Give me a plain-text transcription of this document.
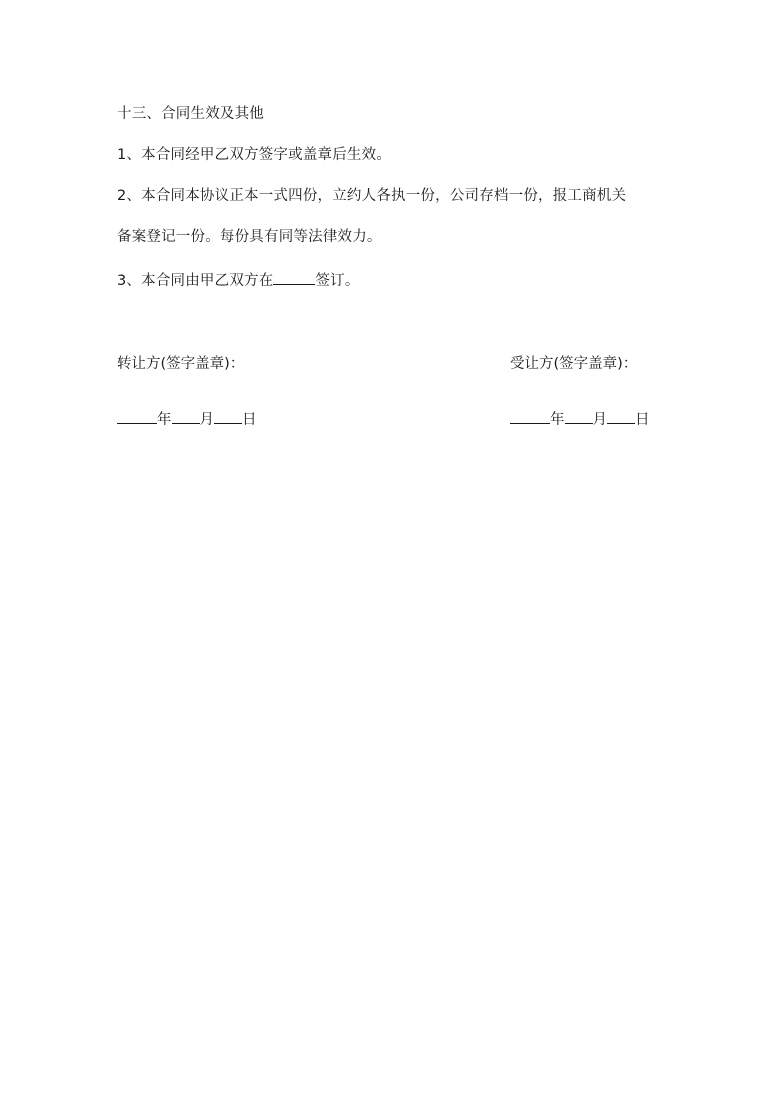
十三、合同生效及其他
1、本合同经甲乙双方签字或盖章后生效。
2、本合同本协议正本一式四份，立约人各执一份，公司存档一份，报工商机关
备案登记一份。每份具有同等法律效力。
3、本合同由甲乙双方在	签订。
转让方(签字盖章)：	受让方(签字盖章)：
年 月 日	年 月 日
